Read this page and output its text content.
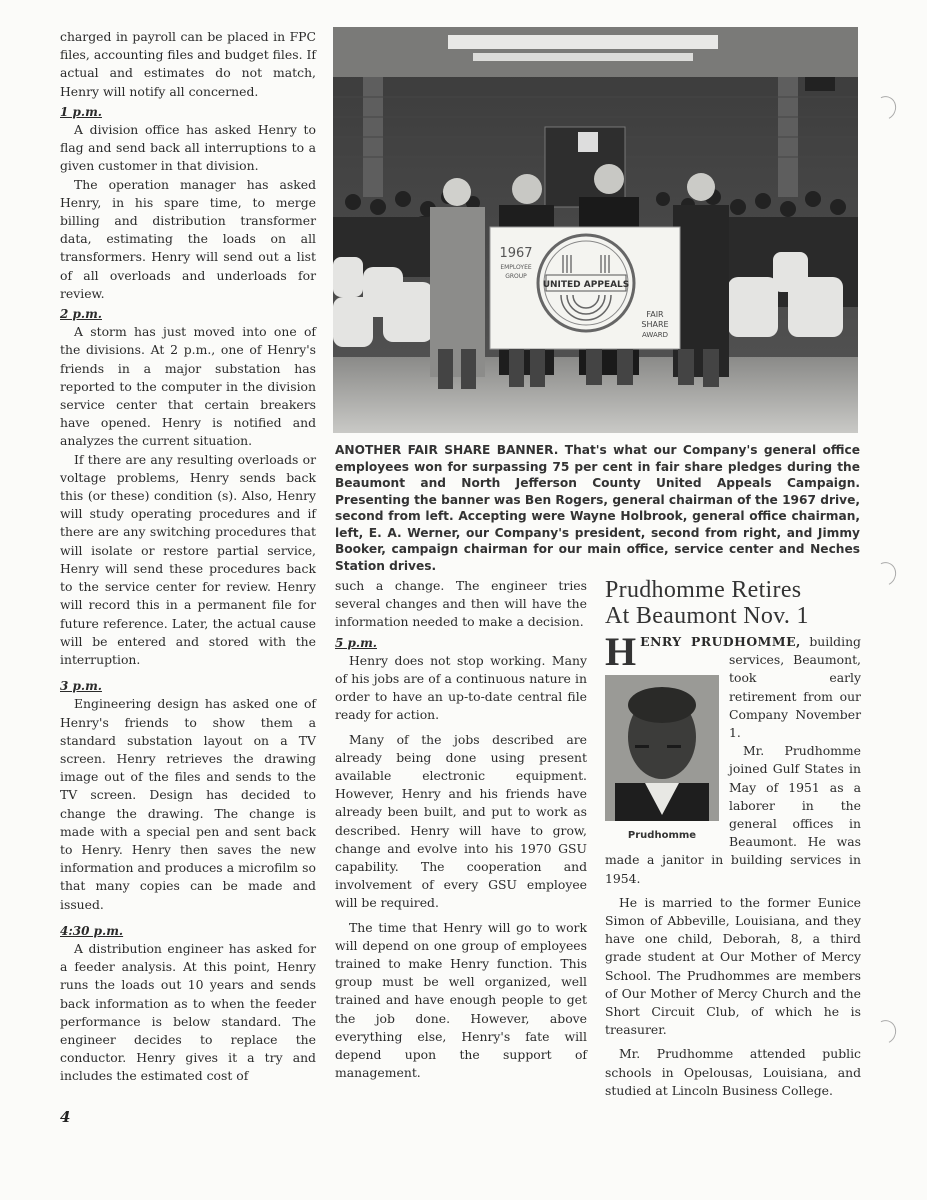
charged in payroll can be placed in FPC files, accounting files and budget files. If actual and estimates do not match, Henry will notify all concerned.

1 p.m.

A division office has asked Henry to flag and send back all interruptions to a given customer in that division.

The operation manager has asked Henry, in his spare time, to merge billing and distribution transformer data, estimating the loads on all transformers. Henry will send out a list of all overloads and underloads for review.

2 p.m.

A storm has just moved into one of the divisions. At 2 p.m., one of Henry's friends in a major substation has reported to the computer in the division service center that certain breakers have opened. Henry is notified and analyzes the current situation.

If there are any resulting overloads or voltage problems, Henry sends back this (or these) condition (s). Also, Henry will study operating procedures and if there are any switching procedures that will isolate or restore partial service, Henry will send these procedures back to the service center for review. Henry will record this in a permanent file for future reference. Later, the actual cause will be entered and stored with the interruption.

3 p.m.

Engineering design has asked one of Henry's friends to show them a standard substation layout on a TV screen. Henry retrieves the drawing image out of the files and sends to the TV screen. Design has decided to change the drawing. The change is made with a special pen and sent back to Henry. Henry then saves the new information and produces a microfilm so that many copies can be made and issued.

4:30 p.m.

A distribution engineer has asked for a feeder analysis. At this point, Henry runs the loads out 10 years and sends back information as to when the feeder performance is below standard. The engineer decides to replace the conductor. Henry gives it a try and includes the estimated cost of

1967
EMPLOYEE
GROUP
UNITED APPEALS
FAIR
SHARE
AWARD
ANOTHER FAIR SHARE BANNER. That's what our Company's general office employees won for surpassing 75 per cent in fair share pledges during the Beaumont and North Jefferson County United Appeals Campaign. Presenting the banner was Ben Rogers, general chairman of the 1967 drive, second from left. Accepting were Wayne Holbrook, general office chairman, left, E. A. Werner, our Company's president, second from right, and Jimmy Booker, campaign chairman for our main office, service center and Neches Station drives.

such a change. The engineer tries several changes and then will have the information needed to make a decision.

5 p.m.

Henry does not stop working. Many of his jobs are of a continuous nature in order to have an up-to-date central file ready for action.

Many of the jobs described are already being done using present available electronic equipment. However, Henry and his friends have already been built, and put to work as described. Henry will have to grow, change and evolve into his 1970 GSU capability. The cooperation and involvement of every GSU employee will be required.

The time that Henry will go to work will depend on one group of employees trained to make Henry function. This group must be well organized, well trained and have enough people to get the job done. However, above everything else, Henry's fate will depend upon the support of management.

Prudhomme Retires
At Beaumont Nov. 1

HENRY PRUDHOMME,
Prudhomme
building services, Beaumont, took early retirement from our Company November 1.

Mr. Prudhomme joined Gulf States in May of 1951 as a laborer in the general offices in Beaumont. He was made a janitor in building services in 1954.

He is married to the former Eunice Simon of Abbeville, Louisiana, and they have one child, Deborah, 8, a third grade student at Our Mother of Mercy School. The Prudhommes are members of Our Mother of Mercy Church and the Short Circuit Club, of which he is treasurer.

Mr. Prudhomme attended public schools in Opelousas, Louisiana, and studied at Lincoln Business College.

4
